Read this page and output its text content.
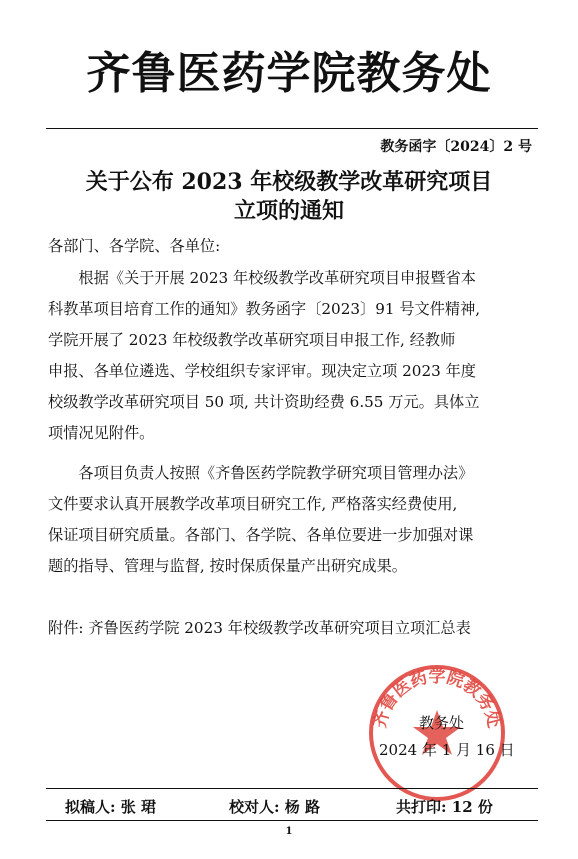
齐鲁医药学院教务处
教务函字〔2024〕2 号
关于公布 2023 年校级教学改革研究项目
立项的通知
各部门、各学院、各单位:
　　根据《关于开展 2023 年校级教学改革研究项目申报暨省本
科教革项目培育工作的通知》教务函字〔2023〕91 号文件精神,
学院开展了 2023 年校级教学改革研究项目申报工作, 经教师
申报、各单位遴选、学校组织专家评审。现决定立项 2023 年度
校级教学改革研究项目 50 项, 共计资助经费 6.55 万元。具体立
项情况见附件。
　　各项目负责人按照《齐鲁医药学院教学研究项目管理办法》
文件要求认真开展教学改革项目研究工作, 严格落实经费使用,
保证项目研究质量。各部门、各学院、各单位要进一步加强对课
题的指导、管理与监督, 按时保质保量产出研究成果。
附件: 齐鲁医药学院 2023 年校级教学改革研究项目立项汇总表
齐鲁医药学院教务处
教务处
2024 年 1 月 16 日
拟稿人: 张 珺	校对人: 杨 路	共打印: 12 份
1
